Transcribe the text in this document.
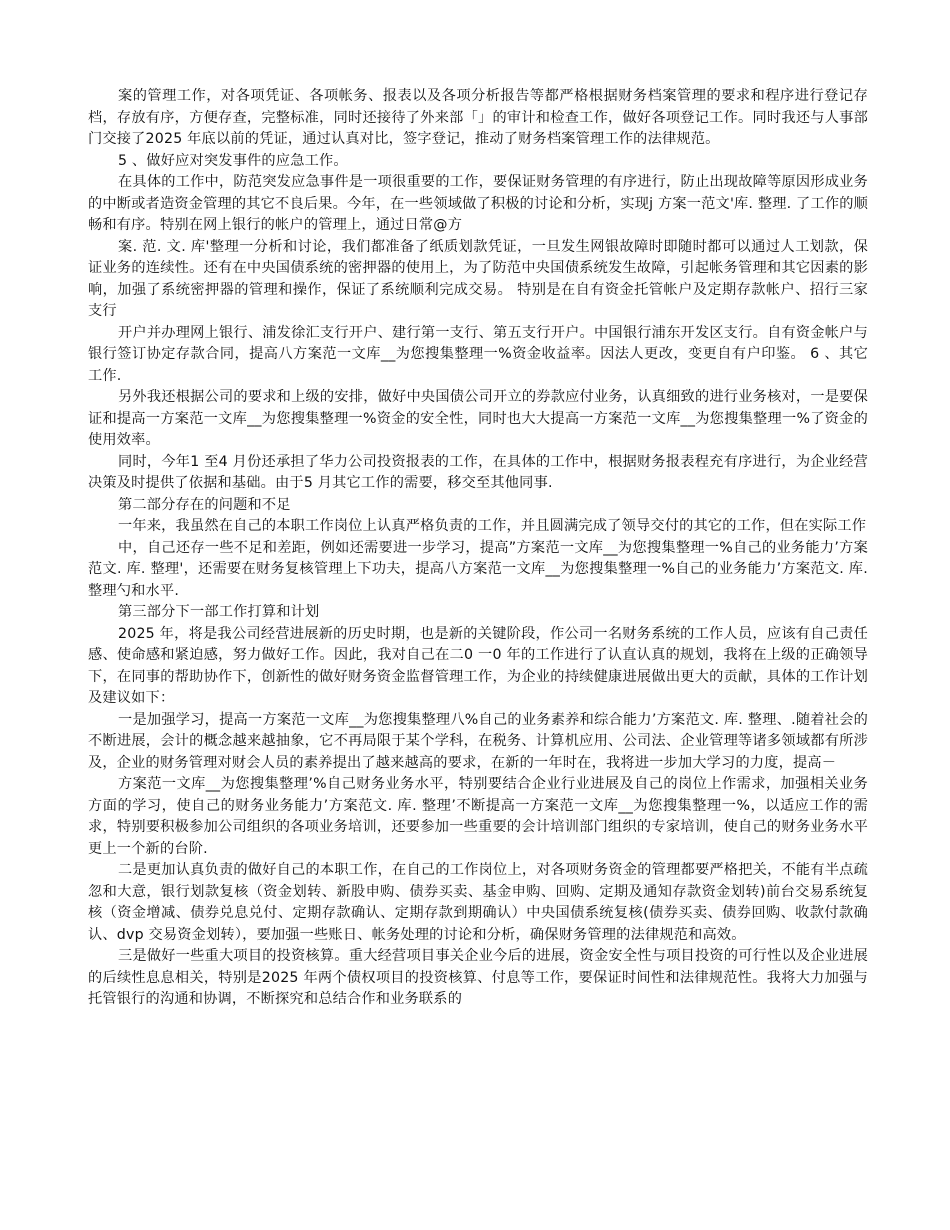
案的管理工作，对各项凭证、各项帐务、报表以及各项分析报告等都严格根据财务档案管理的要求和程序进行登记存档，存放有序，方便存查，完整标准，同时还接待了外来部「」的审计和检查工作，做好各项登记工作。同时我还与人事部门交接了2025 年底以前的凭证，通过认真对比，签字登记，推动了财务档案管理工作的法律规范。

5 、做好应对突发事件的应急工作。

在具体的工作中，防范突发应急事件是一项很重要的工作，要保证财务管理的有序进行，防止出现故障等原因形成业务的中断或者造资金管理的其它不良后果。今年，在一些领域做了积极的讨论和分析，实现j 方案一范文'库. 整理. 了工作的顺畅和有序。特别在网上银行的帐户的管理上，通过日常@方

案. 范. 文. 库'整理一分析和讨论，我们都准备了纸质划款凭证，一旦发生网银故障时即随时都可以通过人工划款，保证业务的连续性。还有在中央国债系统的密押器的使用上，为了防范中央国债系统发生故障，引起帐务管理和其它因素的影响，加强了系统密押器的管理和操作，保证了系统顺利完成交易。 特别是在自有资金托管帐户及定期存款帐户、招行三家支行

开户并办理网上银行、浦发徐汇支行开户、建行第一支行、第五支行开户。中国银行浦东开发区支行。自有资金帐户与银行签订协定存款合同，提高八方案范一文库__为您搜集整理一%资金收益率。因法人更改，变更自有户印鉴。 6 、其它工作.

另外我还根据公司的要求和上级的安排，做好中央国债公司开立的券款应付业务，认真细致的进行业务核对，一是要保证和提高一方案范一文库__为您搜集整理一%资金的安全性，同时也大大提高一方案范一文库__为您搜集整理一%了资金的使用效率。

同时，今年1 至4 月份还承担了华力公司投资报表的工作，在具体的工作中，根据财务报表程充有序进行，为企业经营决策及时提供了依据和基础。由于5 月其它工作的需要，移交至其他同事.

第二部分存在的问题和不足

一年来，我虽然在自己的本职工作岗位上认真严格负责的工作，并且圆满完成了领导交付的其它的工作，但在实际工作

中，自己还存一些不足和差距，例如还需要进一步学习，提高”方案范一文库__为您搜集整理一%自己的业务能力’方案范文. 库. 整理'，还需要在财务复核管理上下功夫，提高八方案范一文库__为您搜集整理一%自己的业务能力’方案范文. 库. 整理勺和水平.

第三部分下一部工作打算和计划

2025 年，将是我公司经营进展新的历史时期，也是新的关键阶段，作公司一名财务系统的工作人员，应该有自己责任感、使命感和紧迫感，努力做好工作。因此，我对自己在二0 一0 年的工作进行了认直认真的规划，我将在上级的正确领导下，在同事的帮助协作下，创新性的做好财务资金监督管理工作，为企业的持续健康进展做出更大的贡献，具体的工作计划及建议如下：

一是加强学习，提高一方案范一文库__为您搜集整理八%自己的业务素养和综合能力’方案范文. 库. 整理、.随着社会的不断进展，会计的概念越来越抽象，它不再局限于某个学科，在税务、计算机应用、公司法、企业管理等诸多领域都有所涉及，企业的财务管理对财会人员的素养提出了越来越高的要求，在新的一年时在，我将进一步加大学习的力度，提高－

方案范一文库__为您搜集整理’%自己财务业务水平，特别要结合企业行业进展及自己的岗位上作需求，加强相关业务方面的学习，使自己的财务业务能力’方案范文. 库. 整理’不断提高一方案范一文库__为您搜集整理一%，以适应工作的需求，特别要积极参加公司组织的各项业务培训，还要参加一些重要的会计培训部门组织的专家培训，使自己的财务业务水平更上一个新的台阶.

二是更加认真负责的做好自己的本职工作，在自己的工作岗位上，对各项财务资金的管理都要严格把关，不能有半点疏忽和大意，银行划款复核（资金划转、新股申购、债券买卖、基金申购、回购、定期及通知存款资金划转)前台交易系统复核（资金增减、债券兑息兑付、定期存款确认、定期存款到期确认）中央国债系统复核(债券买卖、债券回购、收款付款确认、dvp 交易资金划转），要加强一些账日、帐务处理的讨论和分析，确保财务管理的法律规范和高效。

三是做好一些重大项目的投资核算。重大经营项目事关企业今后的进展，资金安全性与项目投资的可行性以及企业进展的后续性息息相关，特别是2025 年两个债权项目的投资核算、付息等工作，要保证时间性和法律规范性。我将大力加强与托管银行的沟通和协调，不断探究和总结合作和业务联系的
